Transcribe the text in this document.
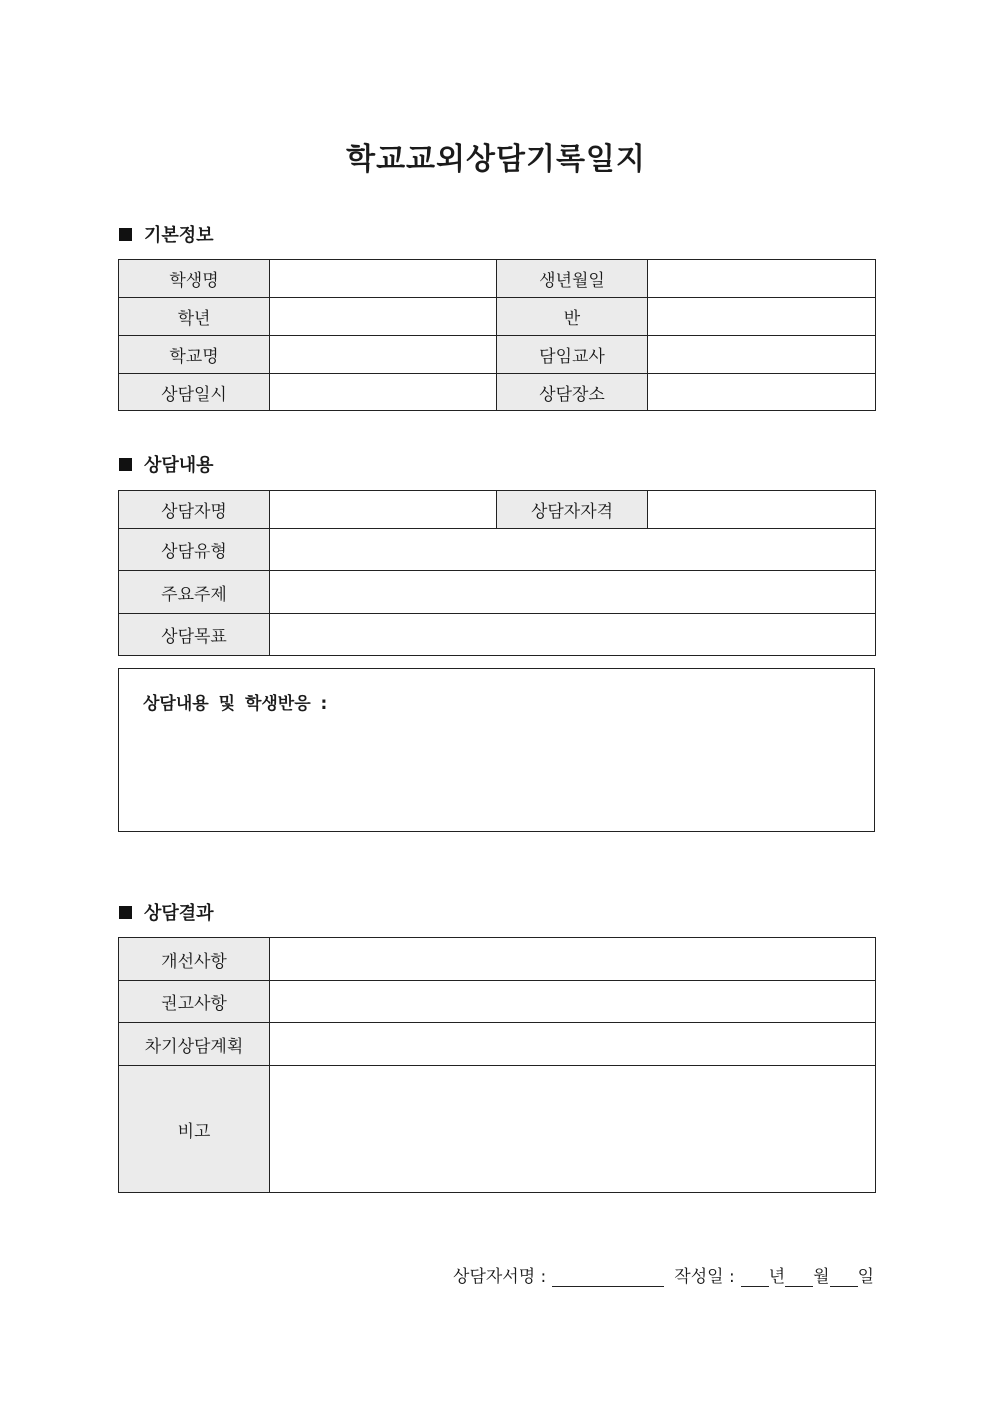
학교교외상담기록일지
기본정보
학생명		생년월일	
학년		반	
학교명		담임교사	
상담일시		상담장소	
상담내용
상담자명		상담자자격	
상담유형			
주요주제			
상담목표			
상담내용 및 학생반응 :
상담결과
개선사항	
권고사항	
차기상담계획	
비고	
상담자서명 :	작성일 : 년 월 일
